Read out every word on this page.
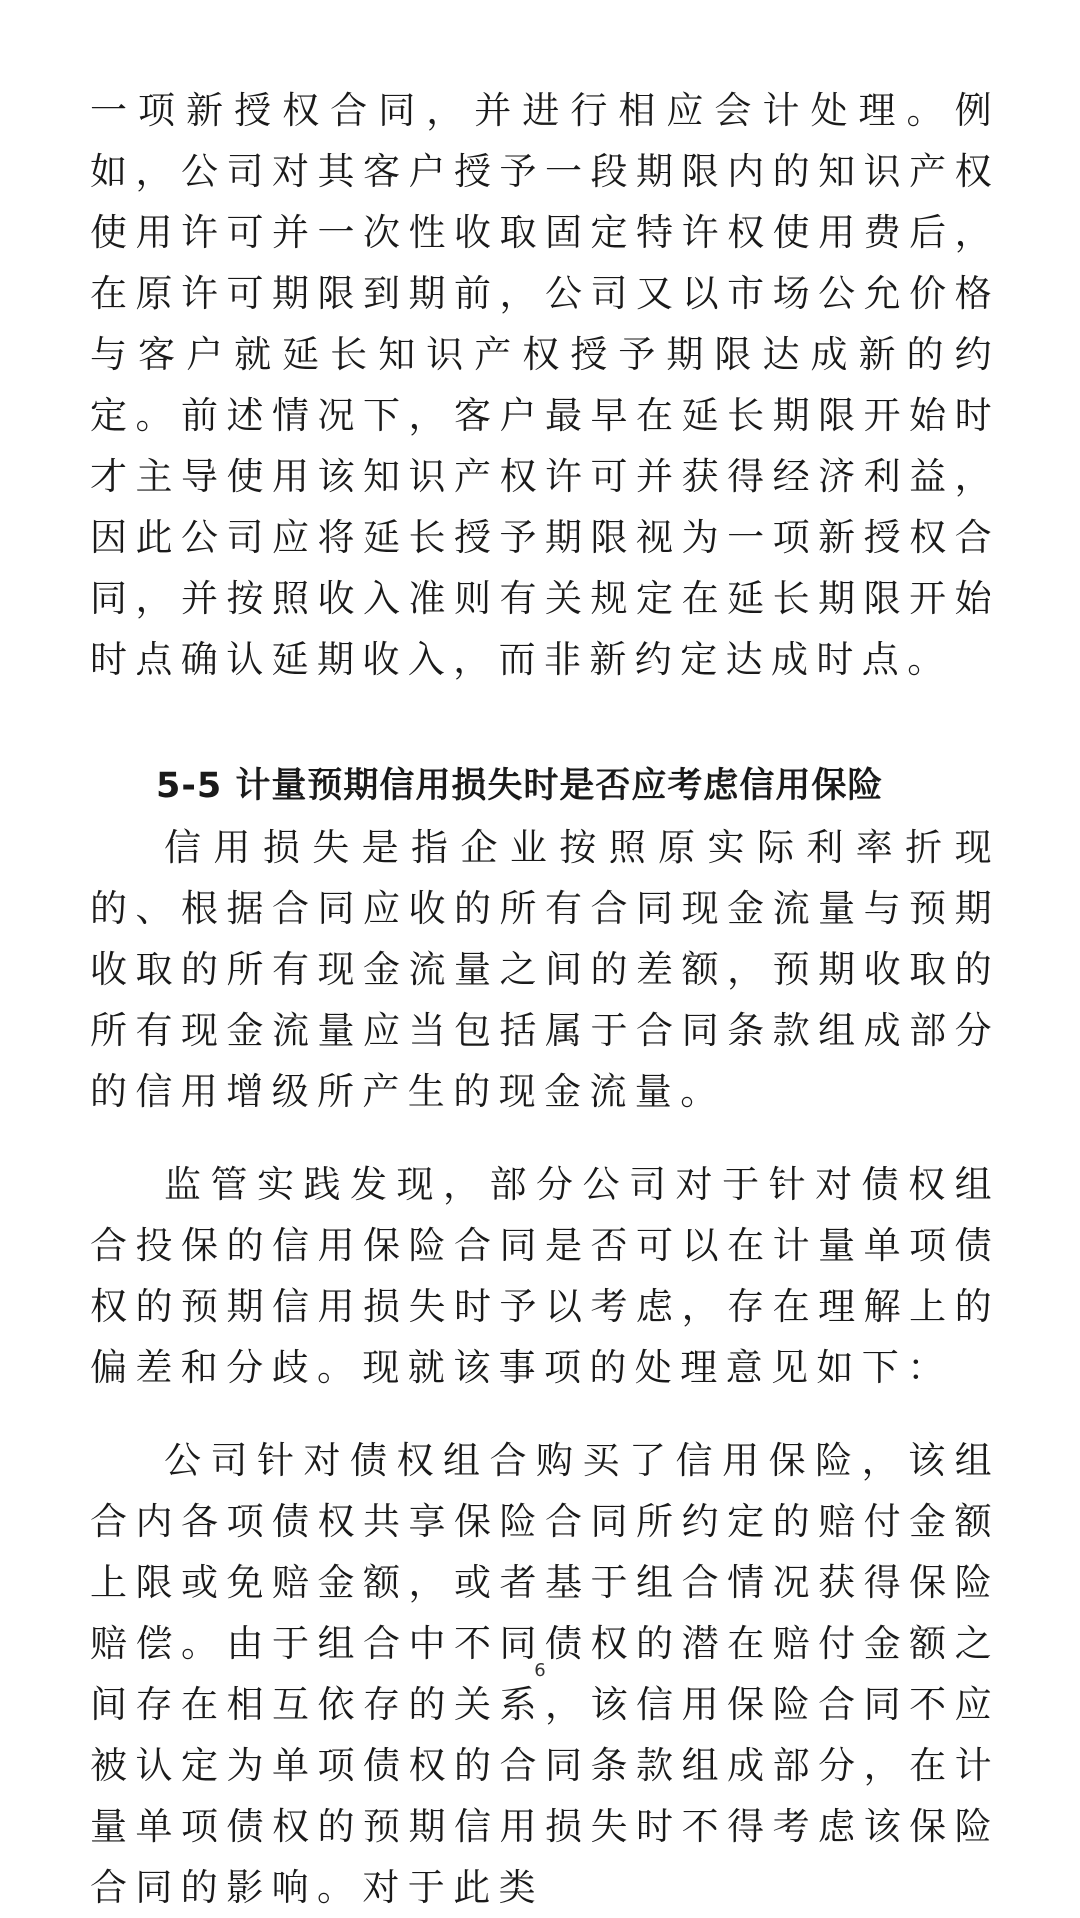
一项新授权合同，并进行相应会计处理。例如，公司对其客户授予一段期限内的知识产权使用许可并一次性收取固定特许权使用费后，在原许可期限到期前，公司又以市场公允价格与客户就延长知识产权授予期限达成新的约定。前述情况下，客户最早在延长期限开始时才主导使用该知识产权许可并获得经济利益，因此公司应将延长授予期限视为一项新授权合同，并按照收入准则有关规定在延长期限开始时点确认延期收入，而非新约定达成时点。

5-5 计量预期信用损失时是否应考虑信用保险

信用损失是指企业按照原实际利率折现的、根据合同应收的所有合同现金流量与预期收取的所有现金流量之间的差额，预期收取的所有现金流量应当包括属于合同条款组成部分的信用增级所产生的现金流量。

监管实践发现，部分公司对于针对债权组合投保的信用保险合同是否可以在计量单项债权的预期信用损失时予以考虑，存在理解上的偏差和分歧。现就该事项的处理意见如下：

公司针对债权组合购买了信用保险，该组合内各项债权共享保险合同所约定的赔付金额上限或免赔金额，或者基于组合情况获得保险赔偿。由于组合中不同债权的潜在赔付金额之间存在相互依存的关系，该信用保险合同不应被认定为单项债权的合同条款组成部分，在计量单项债权的预期信用损失时不得考虑该保险合同的影响。对于此类

6
